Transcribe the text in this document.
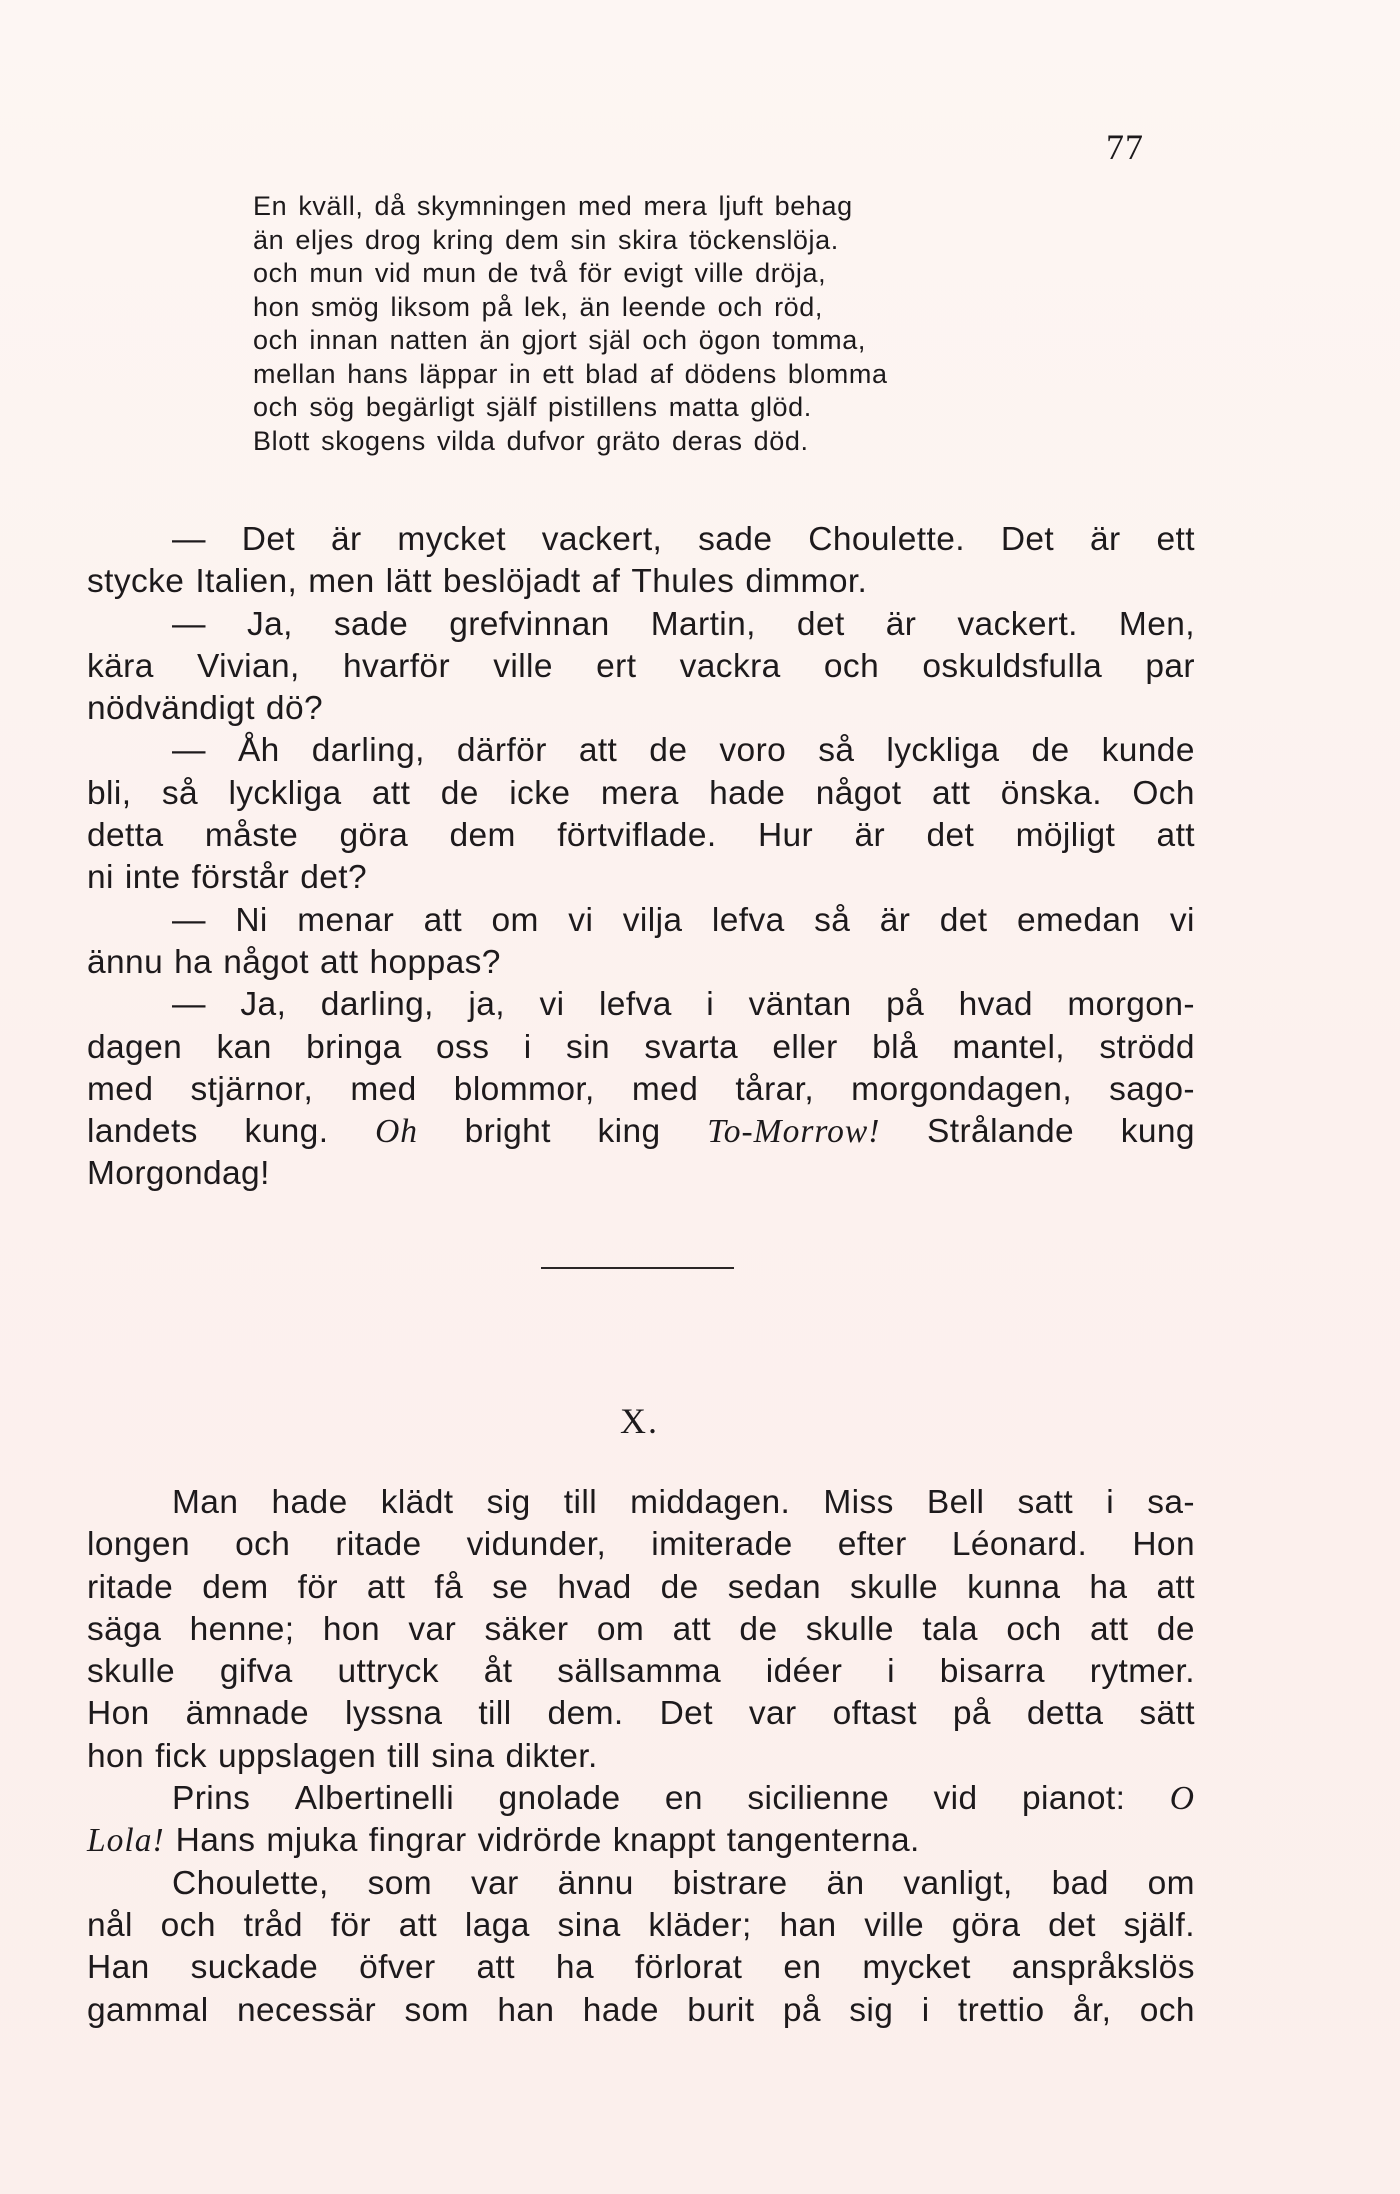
77
En kväll, då skymningen med mera ljuft behag
än eljes drog kring dem sin skira töckenslöja.
och mun vid mun de två för evigt ville dröja,
hon smög liksom på lek, än leende och röd,
och innan natten än gjort själ och ögon tomma,
mellan hans läppar in ett blad af dödens blomma
och sög begärligt själf pistillens matta glöd.
Blott skogens vilda dufvor gräto deras död.
— Det är mycket vackert, sade Choulette. Det är ett
stycke Italien, men lätt beslöjadt af Thules dimmor.
— Ja, sade grefvinnan Martin, det är vackert. Men,
kära Vivian, hvarför ville ert vackra och oskuldsfulla par
nödvändigt dö?
— Åh darling, därför att de voro så lyckliga de kunde
bli, så lyckliga att de icke mera hade något att önska. Och
detta måste göra dem förtviflade. Hur är det möjligt att
ni inte förstår det?
— Ni menar att om vi vilja lefva så är det emedan vi
ännu ha något att hoppas?
— Ja, darling, ja, vi lefva i väntan på hvad morgon-
dagen kan bringa oss i sin svarta eller blå mantel, strödd
med stjärnor, med blommor, med tårar, morgondagen, sago-
landets kung. Oh bright king To-Morrow! Strålande kung
Morgondag!
X.
Man hade klädt sig till middagen. Miss Bell satt i sa-
longen och ritade vidunder, imiterade efter Léonard. Hon
ritade dem för att få se hvad de sedan skulle kunna ha att
säga henne; hon var säker om att de skulle tala och att de
skulle gifva uttryck åt sällsamma idéer i bisarra rytmer.
Hon ämnade lyssna till dem. Det var oftast på detta sätt
hon fick uppslagen till sina dikter.
Prins Albertinelli gnolade en sicilienne vid pianot: O
Lola! Hans mjuka fingrar vidrörde knappt tangenterna.
Choulette, som var ännu bistrare än vanligt, bad om
nål och tråd för att laga sina kläder; han ville göra det själf.
Han suckade öfver att ha förlorat en mycket anspråkslös
gammal necessär som han hade burit på sig i trettio år, och
